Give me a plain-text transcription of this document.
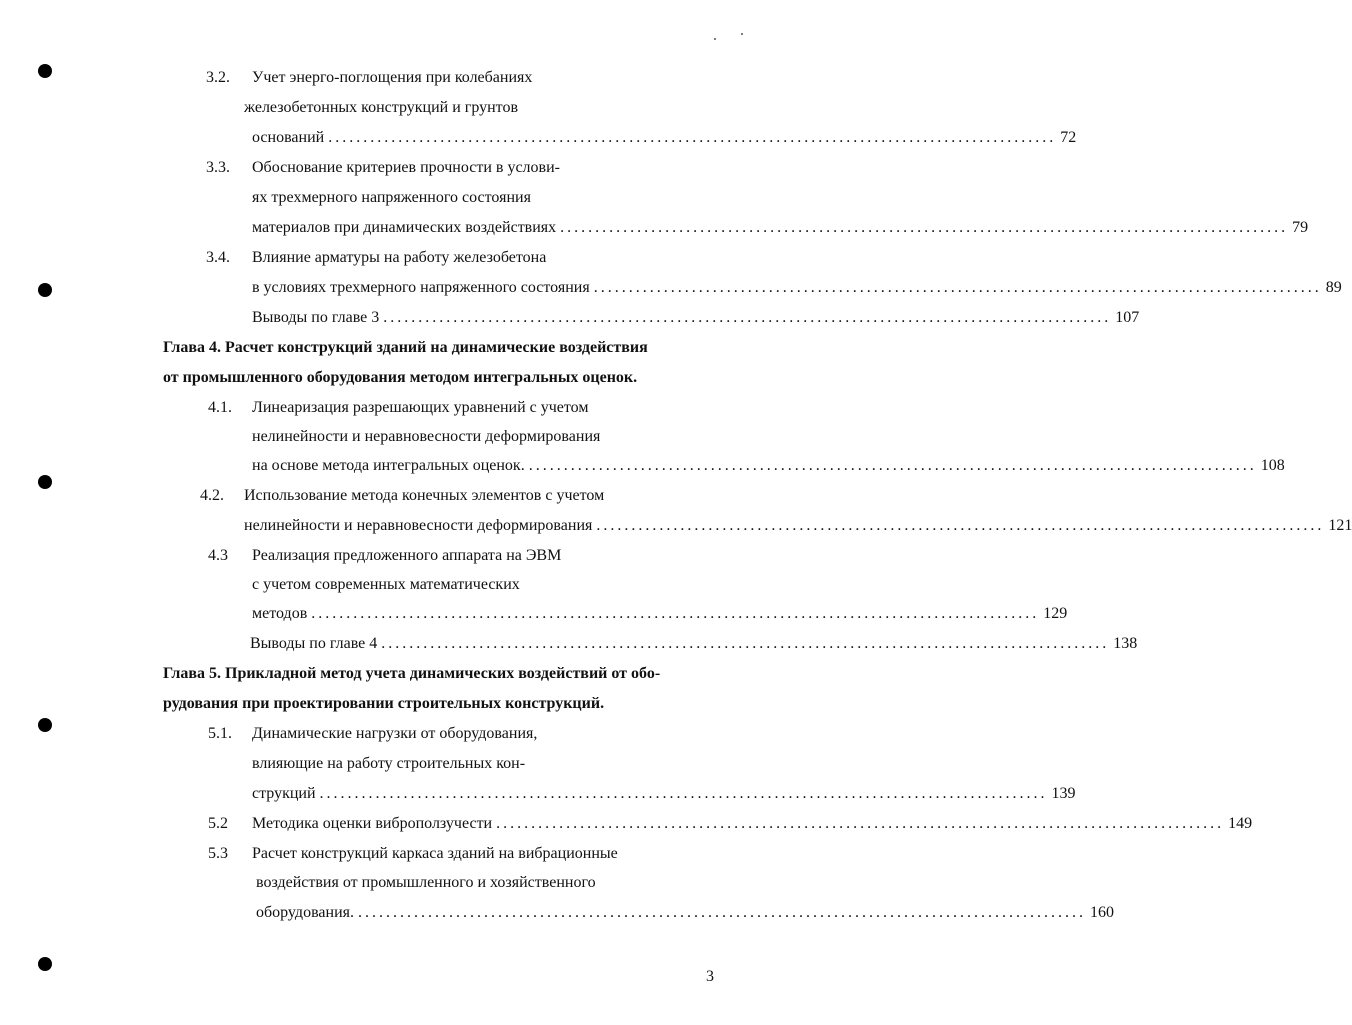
3.2. Учет энерго-поглощения при колебаниях
железобетонных конструкций и грунтов
оснований ........................................................................................................ 72
3.3. Обоснование критериев прочности в услови-
ях трехмерного напряженного состояния
материалов при динамических воздействиях ........................................................................................................ 79
3.4. Влияние арматуры на работу железобетона
в условиях трехмерного напряженного состояния ........................................................................................................ 89
Выводы по главе 3 ........................................................................................................ 107
Глава 4. Расчет конструкций зданий на динамические воздействия
от промышленного оборудования методом интегральных оценок.
4.1. Линеаризация разрешающих уравнений с учетом
нелинейности и неравновесности деформирования
на основе метода интегральных оценок. ........................................................................................................ 108
4.2. Использование метода конечных элементов с учетом
нелинейности и неравновесности деформирования ........................................................................................................ 121
4.3 Реализация предложенного аппарата на ЭВМ
с учетом современных математических
методов ........................................................................................................ 129
Выводы по главе 4 ........................................................................................................ 138
Глава 5. Прикладной метод учета динамических воздействий от обо-
рудования при проектировании строительных конструкций.
5.1. Динамические нагрузки от оборудования,
влияющие на работу строительных кон-
струкций ........................................................................................................ 139
5.2 Методика оценки виброползучести ........................................................................................................ 149
5.3 Расчет конструкций каркаса зданий на вибрационные
воздействия от промышленного и хозяйственного
оборудования. ........................................................................................................ 160
3
